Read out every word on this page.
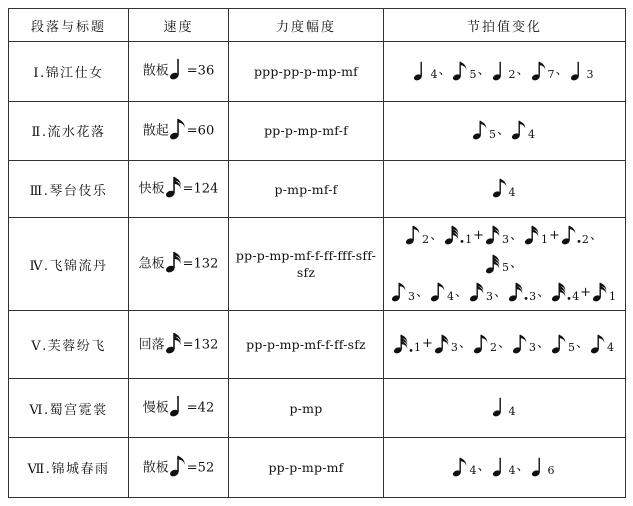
段落与标题	速度	力度幅度	节拍值变化
Ⅰ.锦江仕女	散板 =36	ppp-pp-p-mp-mf	$_4$、 $_5$、 $_2$、 $_7$、 $_3$

Ⅱ.流水花落	散起 =60	pp-p-mp-mf-f	$_5$、 $_4$

Ⅲ.琴台伎乐	快板 =124	p-mp-mf-f	$_4$

Ⅳ.飞锦流丹	急板 =132	pp-p-mp-mf-f-ff-fff-sff-sfz	$_2$、 $_1$+ $_3$、 $_1$+ $_2$、$_5$、
$_3$、 $_4$、 $_3$、 $_3$、 $_4$+ $_1$

Ⅴ.芙蓉纷飞	回落 =132	pp-p-mp-mf-f-ff-sfz	$_1$+ $_3$、 $_2$、 $_3$、 $_5$、 $_4$

Ⅵ.蜀宫霓裳	慢板 =42	p-mp	$_4$

Ⅶ.锦城春雨	散板 =52	pp-p-mp-mf	$_4$、 $_4$、 $_6$
